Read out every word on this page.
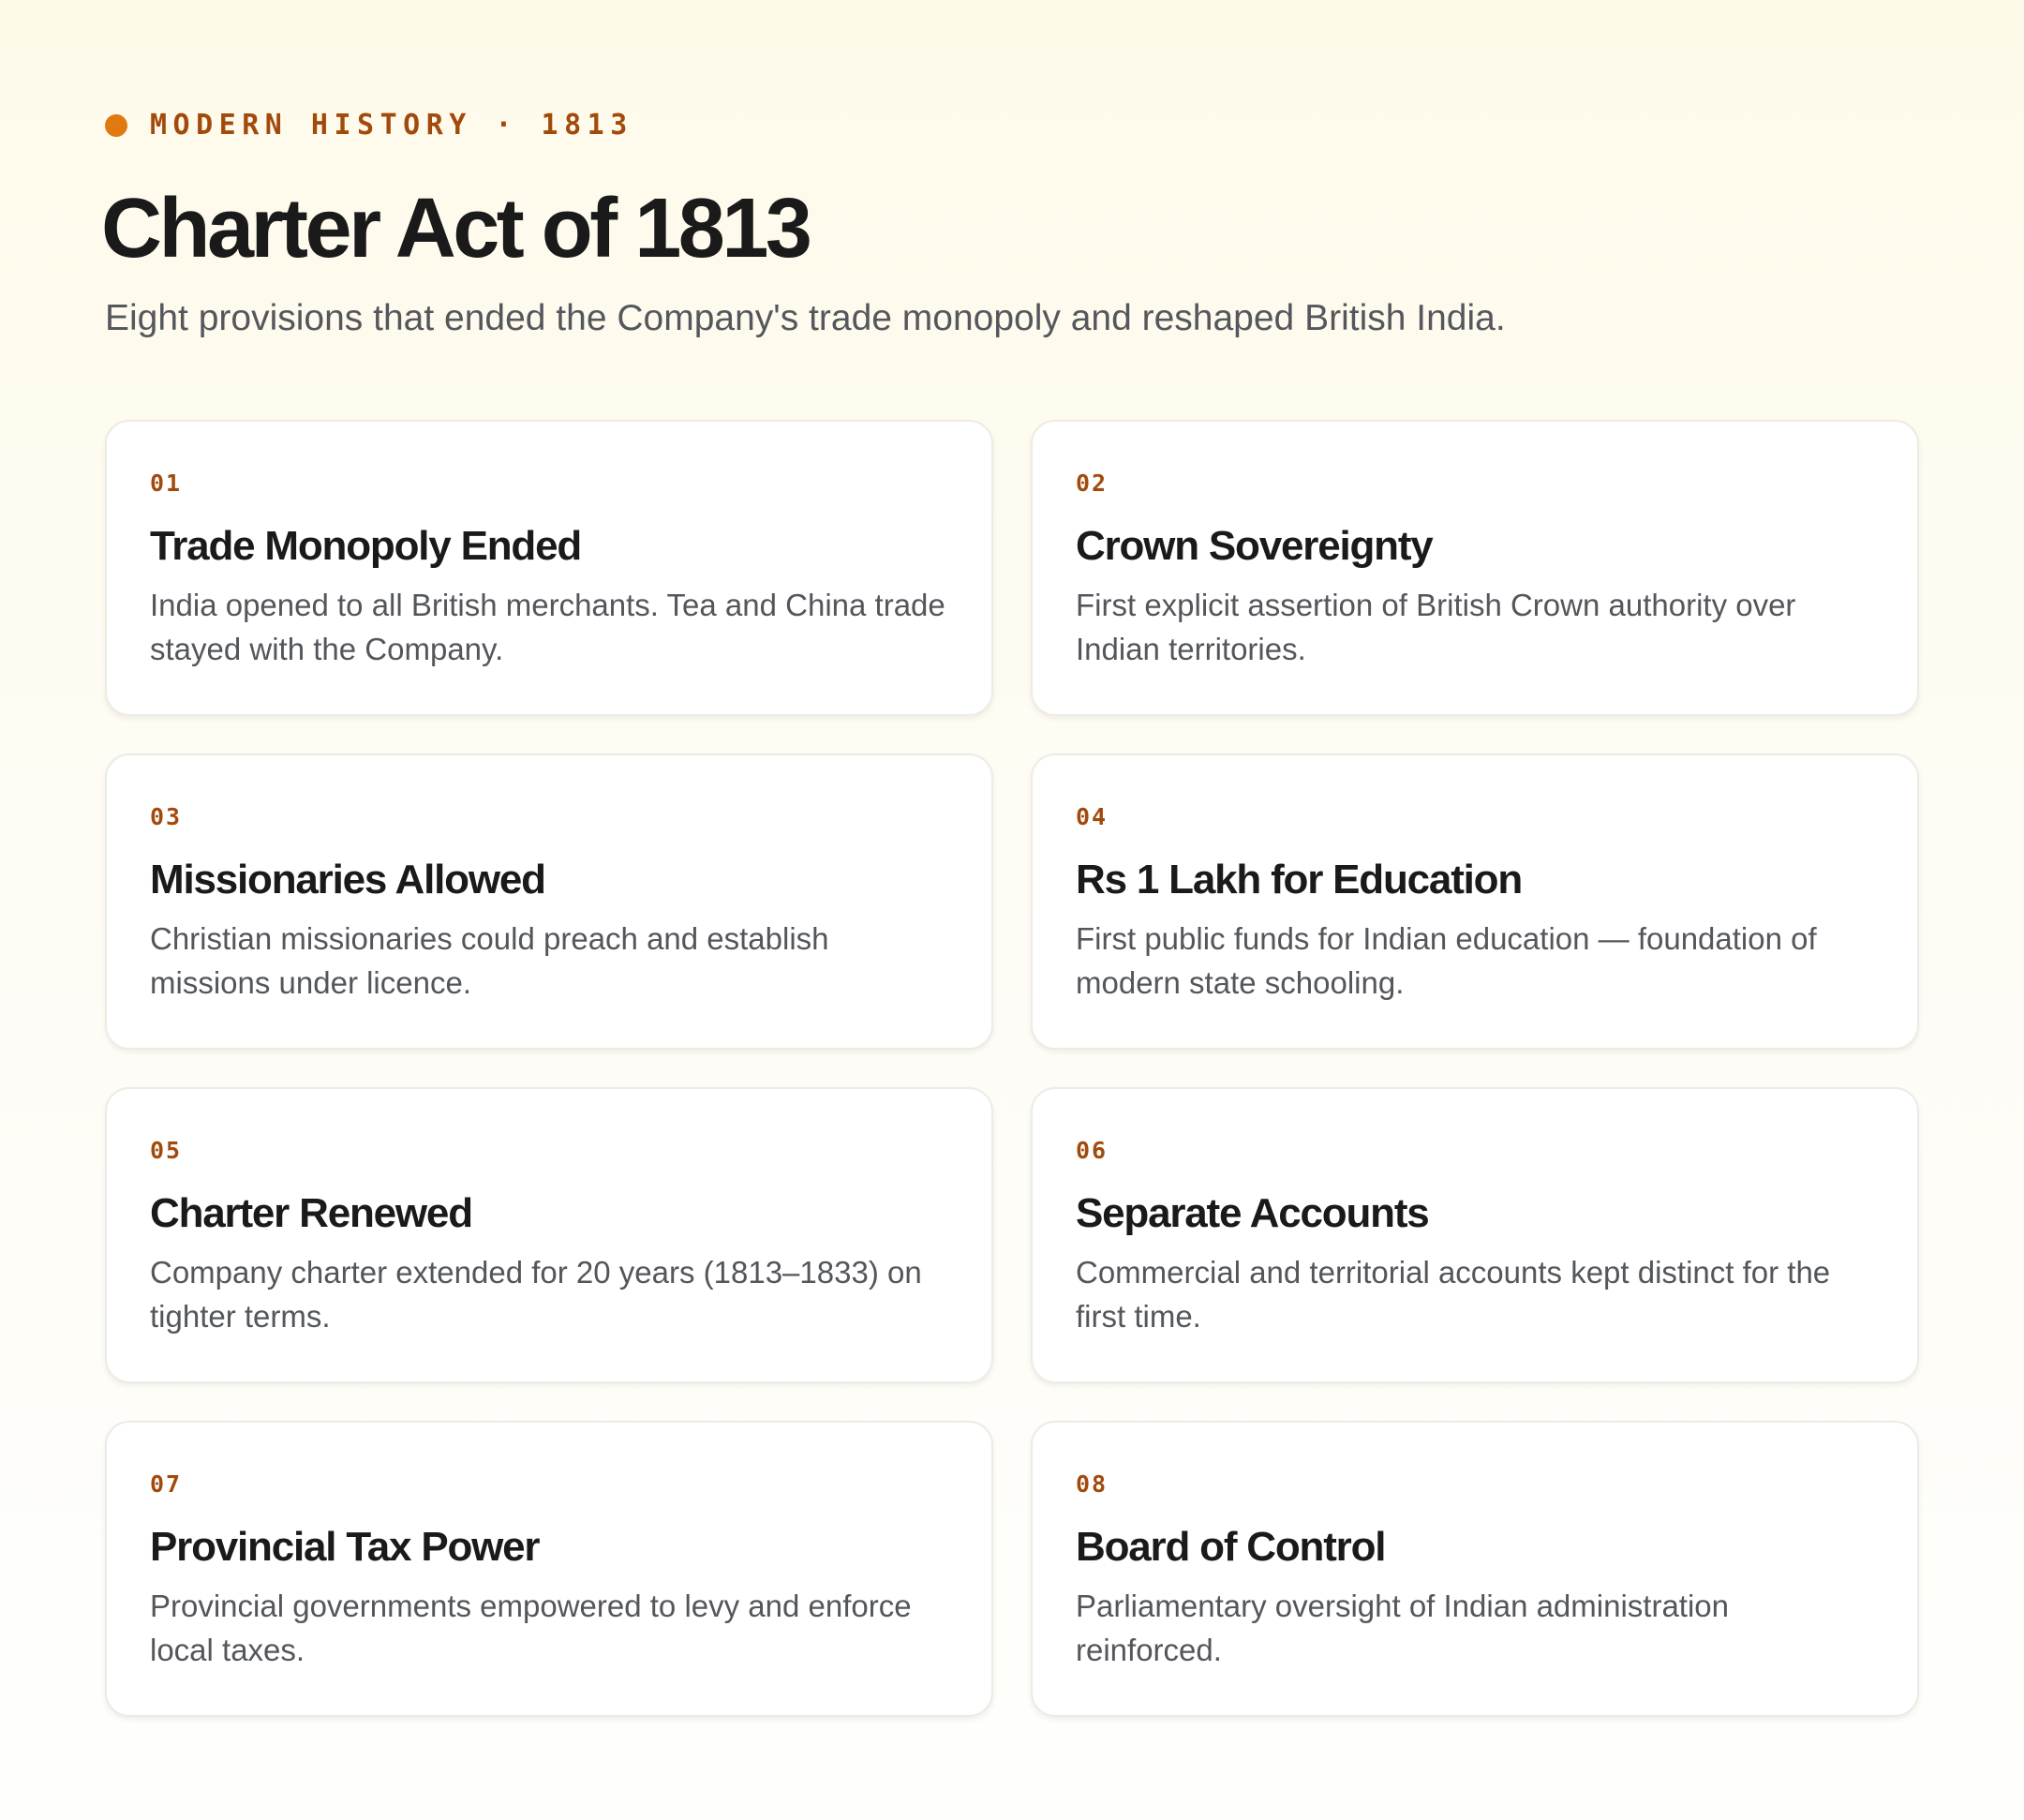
MODERN HISTORY · 1813
Charter Act of 1813

Eight provisions that ended the Company's trade monopoly and reshaped British India.

01
Trade Monopoly Ended

India opened to all British merchants. Tea and China trade stayed with the Company.

02
Crown Sovereignty

First explicit assertion of British Crown authority over Indian territories.

03
Missionaries Allowed

Christian missionaries could preach and establish missions under licence.

04
Rs 1 Lakh for Education

First public funds for Indian education — foundation of modern state schooling.

05
Charter Renewed

Company charter extended for 20 years (1813–1833) on tighter terms.

06
Separate Accounts

Commercial and territorial accounts kept distinct for the first time.

07
Provincial Tax Power

Provincial governments empowered to levy and enforce local taxes.

08
Board of Control

Parliamentary oversight of Indian administration reinforced.
